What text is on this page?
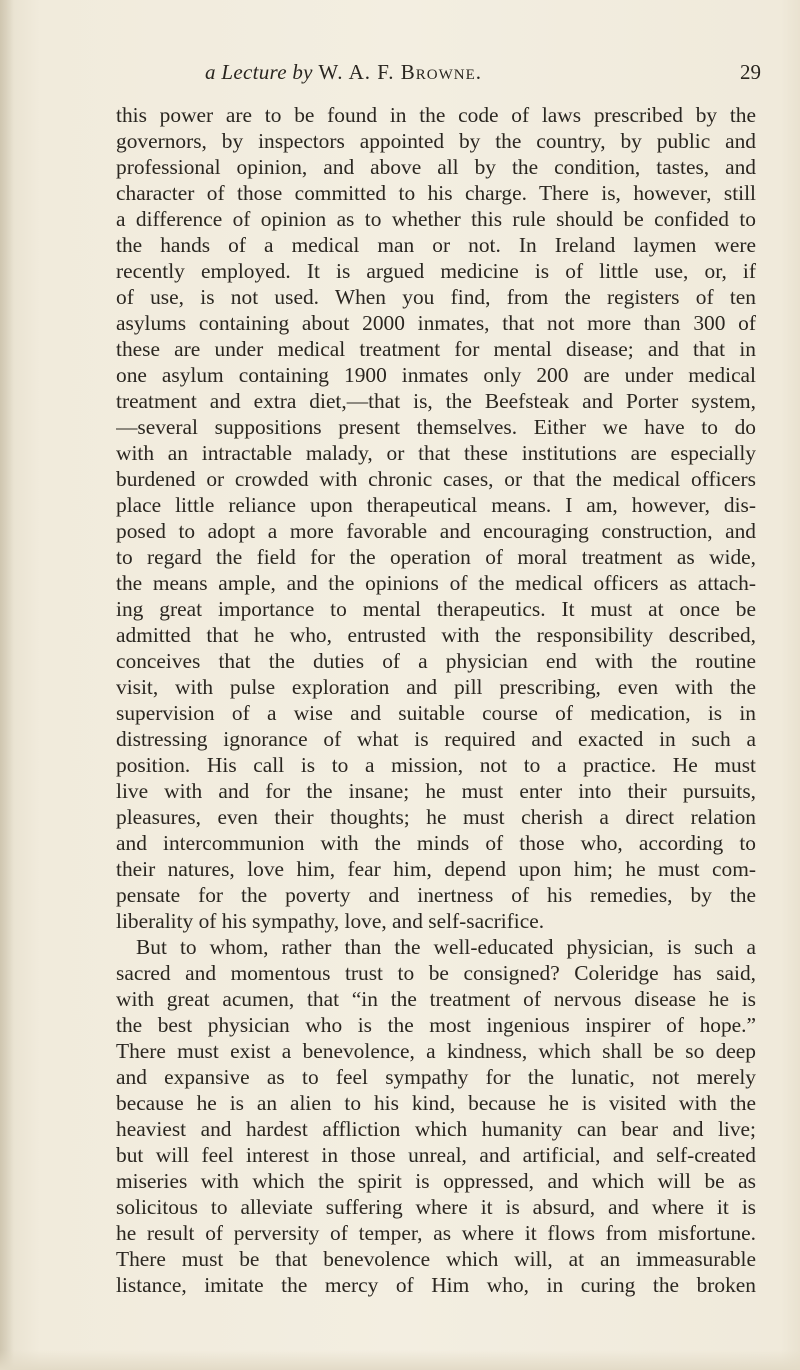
a Lecture by W. A. F. Browne.	29
this power are to be found in the code of laws prescribed by the
governors, by inspectors appointed by the country, by public and
professional opinion, and above all by the condition, tastes, and
character of those committed to his charge. There is, however, still
a difference of opinion as to whether this rule should be confided to
the hands of a medical man or not. In Ireland laymen were
recently employed. It is argued medicine is of little use, or, if
of use, is not used. When you find, from the registers of ten
asylums containing about 2000 inmates, that not more than 300 of
these are under medical treatment for mental disease; and that in
one asylum containing 1900 inmates only 200 are under medical
treatment and extra diet,—that is, the Beefsteak and Porter system,
—several suppositions present themselves. Either we have to do
with an intractable malady, or that these institutions are especially
burdened or crowded with chronic cases, or that the medical officers
place little reliance upon therapeutical means. I am, however, dis-
posed to adopt a more favorable and encouraging construction, and
to regard the field for the operation of moral treatment as wide,
the means ample, and the opinions of the medical officers as attach-
ing great importance to mental therapeutics. It must at once be
admitted that he who, entrusted with the responsibility described,
conceives that the duties of a physician end with the routine
visit, with pulse exploration and pill prescribing, even with the
supervision of a wise and suitable course of medication, is in
distressing ignorance of what is required and exacted in such a
position. His call is to a mission, not to a practice. He must
live with and for the insane; he must enter into their pursuits,
pleasures, even their thoughts; he must cherish a direct relation
and intercommunion with the minds of those who, according to
their natures, love him, fear him, depend upon him; he must com-
pensate for the poverty and inertness of his remedies, by the
liberality of his sympathy, love, and self-sacrifice.
But to whom, rather than the well-educated physician, is such a
sacred and momentous trust to be consigned? Coleridge has said,
with great acumen, that “in the treatment of nervous disease he is
the best physician who is the most ingenious inspirer of hope.”
There must exist a benevolence, a kindness, which shall be so deep
and expansive as to feel sympathy for the lunatic, not merely
because he is an alien to his kind, because he is visited with the
heaviest and hardest affliction which humanity can bear and live;
but will feel interest in those unreal, and artificial, and self-created
miseries with which the spirit is oppressed, and which will be as
solicitous to alleviate suffering where it is absurd, and where it is
he result of perversity of temper, as where it flows from misfortune.
There must be that benevolence which will, at an immeasurable
listance, imitate the mercy of Him who, in curing the broken
